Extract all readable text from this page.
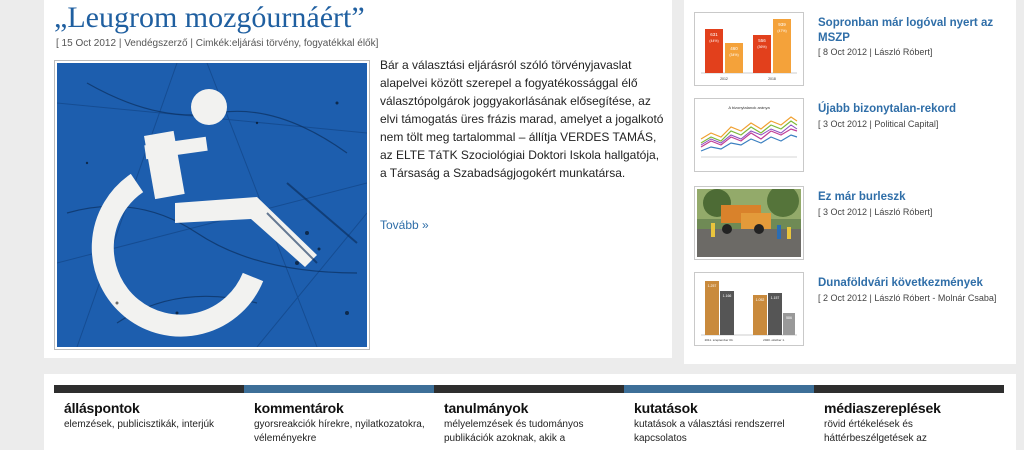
„Leugrom mozgóurnáért”
[ 15 Oct 2012 | Vendégszerző | Cimkék:eljárási törvény, fogyatékkal élők]
Bár a választási eljárásról szóló törvényjavaslat alapelvei között szerepel a fogyatékossággal élő választópolgárok joggyakorlásának elősegítése, az elvi támogatás üres frázis marad, amelyet a jogalkotó nem tölt meg tartalommal – állítja VERDES TAMÁS, az ELTE TáTK Szociológiai Doktori Iskola hallgatója, a Társaság a Szabadságjogokért munkatársa.
Tovább »
631
(44%)
460
(34%)
556
(36%)
939
(47%)
2012	2018
Sopronban már logóval nyert az MSZP
[ 8 Oct 2012 | László Róbert]
A bizonytalanok aránya	Újabb bizonytalan-rekord
[ 3 Oct 2012 | Political Capital]
Ez már burleszk
[ 3 Oct 2012 | László Róbert]
1.257
1.166
1.052 1.157
586
2011. szeptember 04.	2020. október 1.
Dunaföldvári következmények
[ 2 Oct 2012 | László Róbert - Molnár Csaba]
álláspontok
elemzések, publicisztikák, interjúk
kommentárok
gyorsreakciók hírekre, nyilatkozatokra, véleményekre
tanulmányok
mélyelemzések és tudományos publikációk azoknak, akik a
kutatások
kutatások a választási rendszerrel kapcsolatos
médiaszereplések
rövid értékelések és háttérbeszélgetések az
